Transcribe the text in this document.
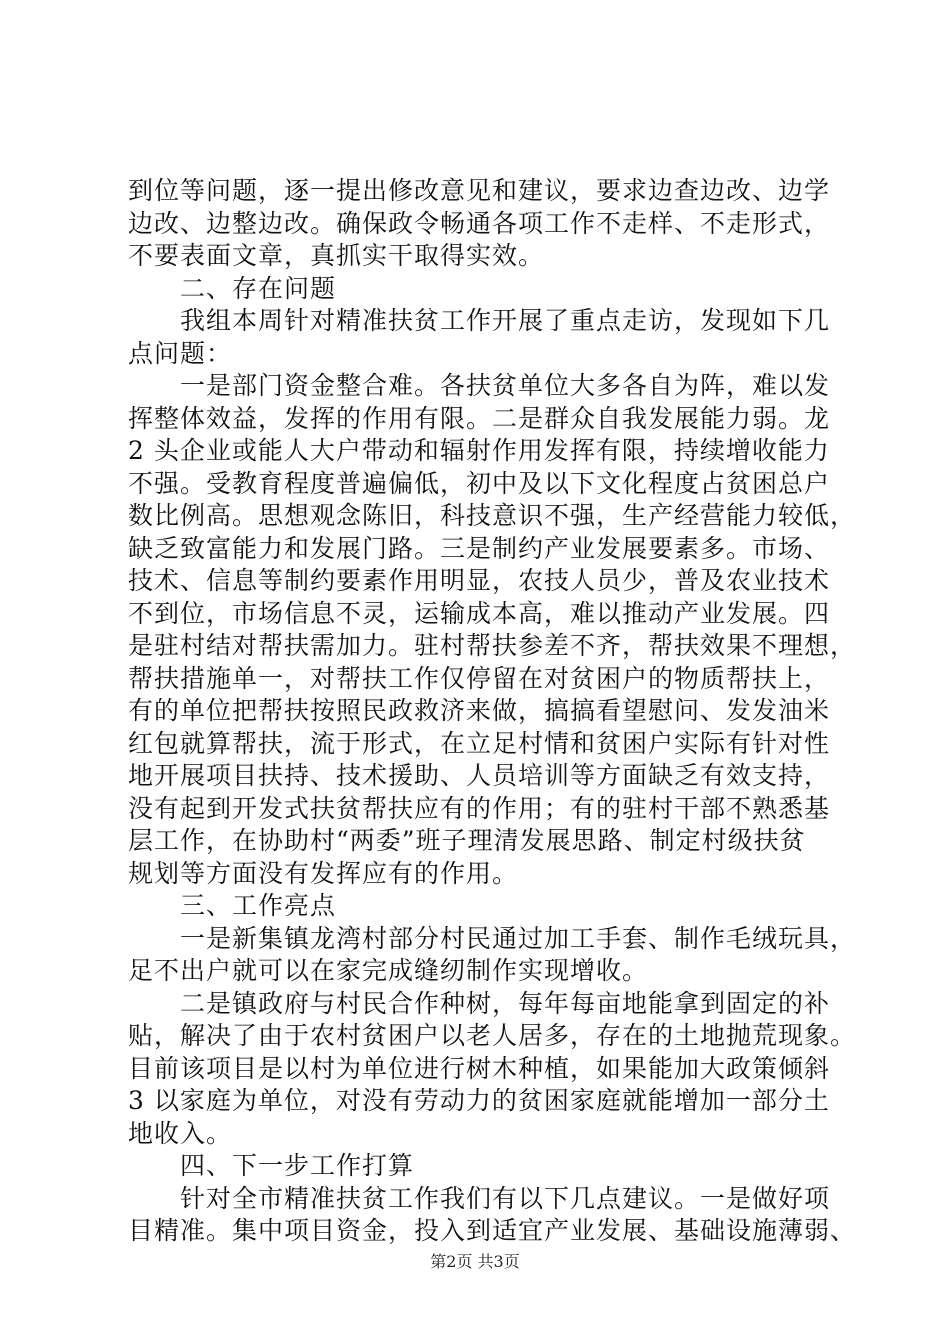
到位等问题，逐一提出修改意见和建议，要求边查边改、边学
边改、边整边改。确保政令畅通各项工作不走样、不走形式，
不要表面文章，真抓实干取得实效。
　　二、存在问题
　　我组本周针对精准扶贫工作开展了重点走访，发现如下几
点问题：
　　一是部门资金整合难。各扶贫单位大多各自为阵，难以发
挥整体效益，发挥的作用有限。二是群众自我发展能力弱。龙
2 头企业或能人大户带动和辐射作用发挥有限，持续增收能力
不强。受教育程度普遍偏低，初中及以下文化程度占贫困总户
数比例高。思想观念陈旧，科技意识不强，生产经营能力较低，
缺乏致富能力和发展门路。三是制约产业发展要素多。市场、
技术、信息等制约要素作用明显，农技人员少，普及农业技术
不到位，市场信息不灵，运输成本高，难以推动产业发展。四
是驻村结对帮扶需加力。驻村帮扶参差不齐，帮扶效果不理想，
帮扶措施单一，对帮扶工作仅停留在对贫困户的物质帮扶上，
有的单位把帮扶按照民政救济来做，搞搞看望慰问、发发油米
红包就算帮扶，流于形式，在立足村情和贫困户实际有针对性
地开展项目扶持、技术援助、人员培训等方面缺乏有效支持，
没有起到开发式扶贫帮扶应有的作用；有的驻村干部不熟悉基
层工作，在协助村“两委”班子理清发展思路、制定村级扶贫
规划等方面没有发挥应有的作用。
　　三、工作亮点
　　一是新集镇龙湾村部分村民通过加工手套、制作毛绒玩具，
足不出户就可以在家完成缝纫制作实现增收。
　　二是镇政府与村民合作种树，每年每亩地能拿到固定的补
贴，解决了由于农村贫困户以老人居多，存在的土地抛荒现象。
目前该项目是以村为单位进行树木种植，如果能加大政策倾斜
3 以家庭为单位，对没有劳动力的贫困家庭就能增加一部分土
地收入。
　　四、下一步工作打算
　　针对全市精准扶贫工作我们有以下几点建议。一是做好项
目精准。集中项目资金，投入到适宜产业发展、基础设施薄弱、
第2页 共3页
